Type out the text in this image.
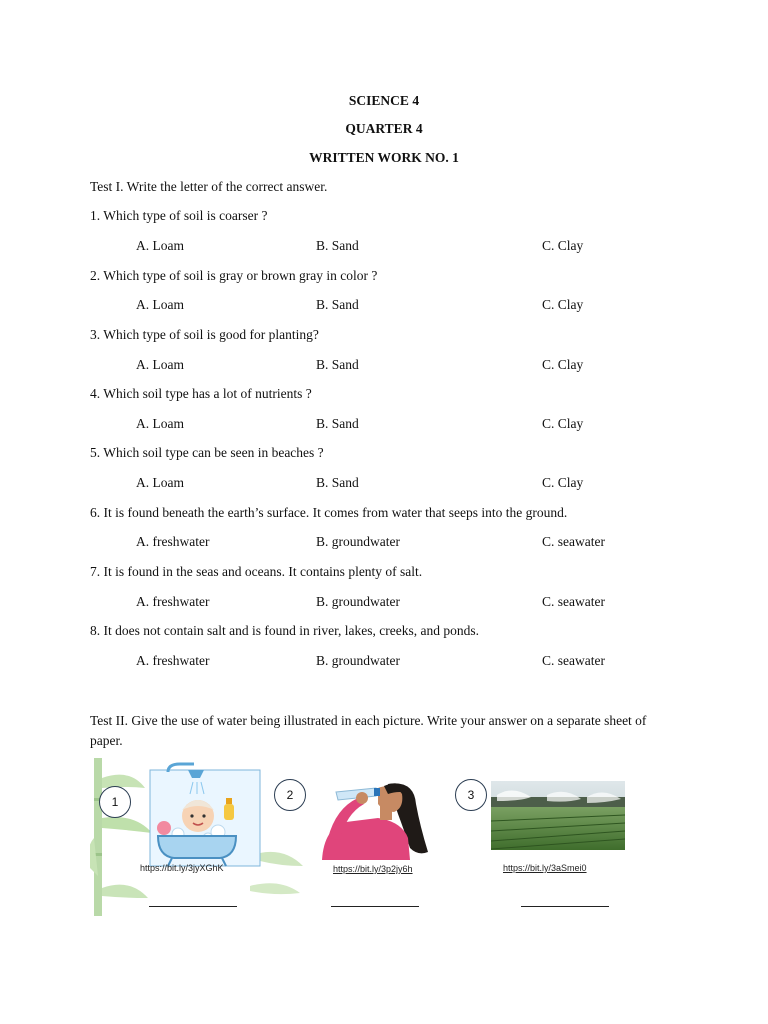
SCIENCE 4
QUARTER 4
WRITTEN WORK NO. 1
Test I. Write the letter of the correct answer.
1. Which type of soil is coarser ?
A. Loam	B. Sand	C. Clay
2. Which type of soil is gray or brown gray in color ?
A. Loam	B. Sand	C. Clay
3. Which type of soil is good for planting?
A. Loam	B. Sand	C. Clay
4. Which soil type has a lot of nutrients ?
A. Loam	B. Sand	C. Clay
5. Which soil type can be seen in beaches ?
A. Loam	B. Sand	C. Clay
6. It is found beneath the earth’s surface. It comes from water that seeps into the ground.
A. freshwater	B. groundwater	C. seawater
7. It is found in the seas and oceans. It contains plenty of salt.
A. freshwater	B. groundwater	C. seawater
8. It does not contain salt and is found in river, lakes, creeks, and ponds.
A. freshwater	B. groundwater	C. seawater
Test II. Give the use of water being illustrated in each picture. Write your answer on a separate sheet of paper.
1
https://bit.ly/3jyXGhK
2
https://bit.ly/3p2jy6h
3
https://bit.ly/3aSmei0
